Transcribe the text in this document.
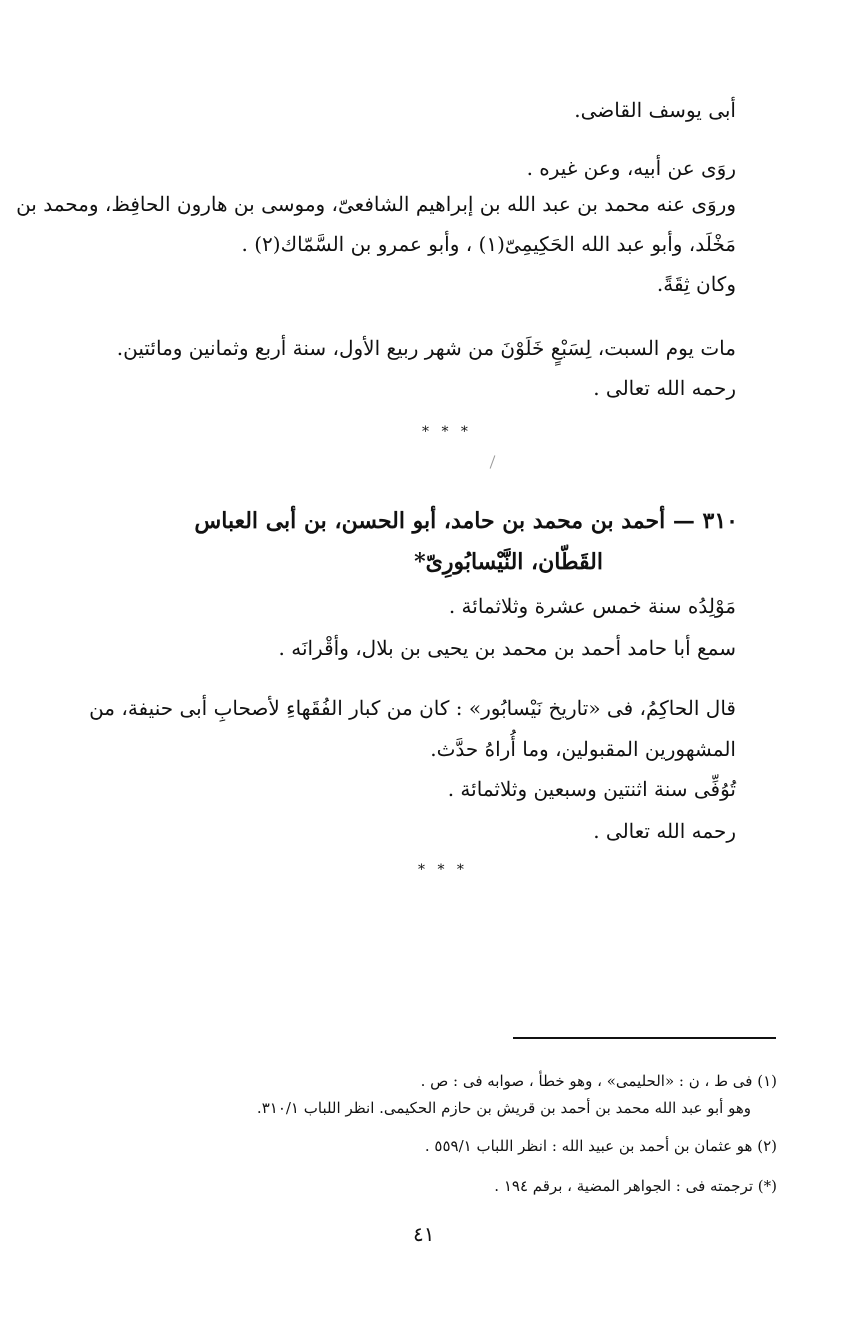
أبى يوسف القاضى.
روَى عن أبيه، وعن غيره .
وروَى عنه محمد بن عبد الله بن إبراهيم الشافعىّ، وموسى بن هارون الحافِظ، ومحمد بن
مَخْلَد، وأبو عبد الله الحَكِيمِىّ(١) ، وأبو عمرو بن السَّمّاك(٢) .
وكان ثِقَةً.
مات يوم السبت، لِسَبْعٍ خَلَوْنَ من شهر ربيع الأول، سنة أربع وثمانين ومائتين.
رحمه الله تعالى .
* * *
٣١٠ — أحمد بن محمد بن حامد، أبو الحسن، بن أبى العباس
القَطّان، النَّيْسابُورِىّ*
مَوْلِدُه سنة خمس عشرة وثلاثمائة .
سمع أبا حامد أحمد بن محمد بن يحيى بن بلال، وأقْرانَه .
قال الحاكِمُ، فى «تاريخ نَيْسابُور» : كان من كبار الفُقَهاءِ لأصحابِ أبى حنيفة، من
المشهورين المقبولين، وما أُراهُ حدَّث.
تُوُفِّى سنة اثنتين وسبعين وثلاثمائة .
رحمه الله تعالى .
* * *
(١) فى ط ، ن : «الحليمى» ، وهو خطأ ، صوابه فى : ص .
وهو أبو عبد الله محمد بن أحمد بن قريش بن حازم الحكيمى. انظر اللباب ٣١٠/١.
(٢) هو عثمان بن أحمد بن عبيد الله : انظر اللباب ٥٥٩/١ .
(*) ترجمته فى : الجواهر المضية ، برقم ١٩٤ .
٤١
